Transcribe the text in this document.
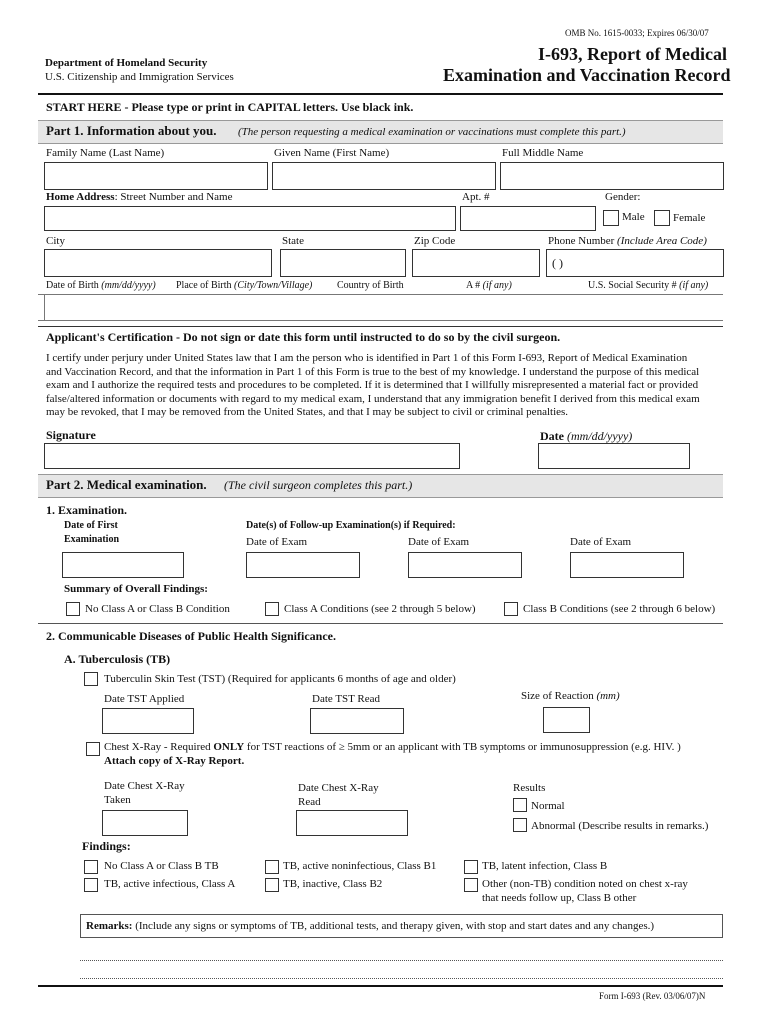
OMB No. 1615-0033; Expires 06/30/07
I-693, Report of Medical
Examination and Vaccination Record
Department of Homeland Security
U.S. Citizenship and Immigration Services
START HERE - Please type or print in CAPITAL letters. Use black ink.
Part 1. Information about you. (The person requesting a medical examination or vaccinations must complete this part.)
Family Name (Last Name)	Given Name (First Name)	Full Middle Name
Home Address: Street Number and Name	Apt. #	Gender:
Male	Female
City	State	Zip Code	Phone Number (Include Area Code)
( )
Date of Birth (mm/dd/yyyy) Place of Birth (City/Town/Village) Country of Birth	A # (if any)	U.S. Social Security # (if any)
Applicant's Certification - Do not sign or date this form until instructed to do so by the civil surgeon.
I certify under perjury under United States law that I am the person who is identified in Part 1 of this Form I-693, Report of Medical Examination
and Vaccination Record, and that the information in Part 1 of this Form is true to the best of my knowledge. I understand the purpose of this medical
exam and I authorize the required tests and procedures to be completed. If it is determined that I willfully misrepresented a material fact or provided
false/altered information or documents with regard to my medical exam, I understand that any immigration benefit I derived from this medical exam
may be revoked, that I may be removed from the United States, and that I may be subject to civil or criminal penalties.
Signature	Date (mm/dd/yyyy)
Part 2. Medical examination. (The civil surgeon completes this part.)
1. Examination.
Date of First
Examination
Date(s) of Follow-up Examination(s) if Required:
Date of Exam	Date of Exam	Date of Exam
Summary of Overall Findings:
No Class A or Class B Condition	Class A Conditions (see 2 through 5 below)	Class B Conditions (see 2 through 6 below)
2. Communicable Diseases of Public Health Significance.
A. Tuberculosis (TB)
Tuberculin Skin Test (TST) (Required for applicants 6 months of age and older)
Date TST Applied	Date TST Read	Size of Reaction (mm)
Chest X-Ray - Required ONLY for TST reactions of ≥ 5mm or an applicant with TB symptoms or immunosuppression (e.g. HIV. )
Attach copy of X-Ray Report.
Date Chest X-Ray
Taken
Date Chest X-Ray
Read
Results
Normal
Abnormal (Describe results in remarks.)
Findings:
No Class A or Class B TB	TB, active noninfectious, Class B1	TB, latent infection, Class B
TB, active infectious, Class A	TB, inactive, Class B2	Other (non-TB) condition noted on chest x-ray
that needs follow up, Class B other
Remarks: (Include any signs or symptoms of TB, additional tests, and therapy given, with stop and start dates and any changes.)
Form I-693 (Rev. 03/06/07)N
